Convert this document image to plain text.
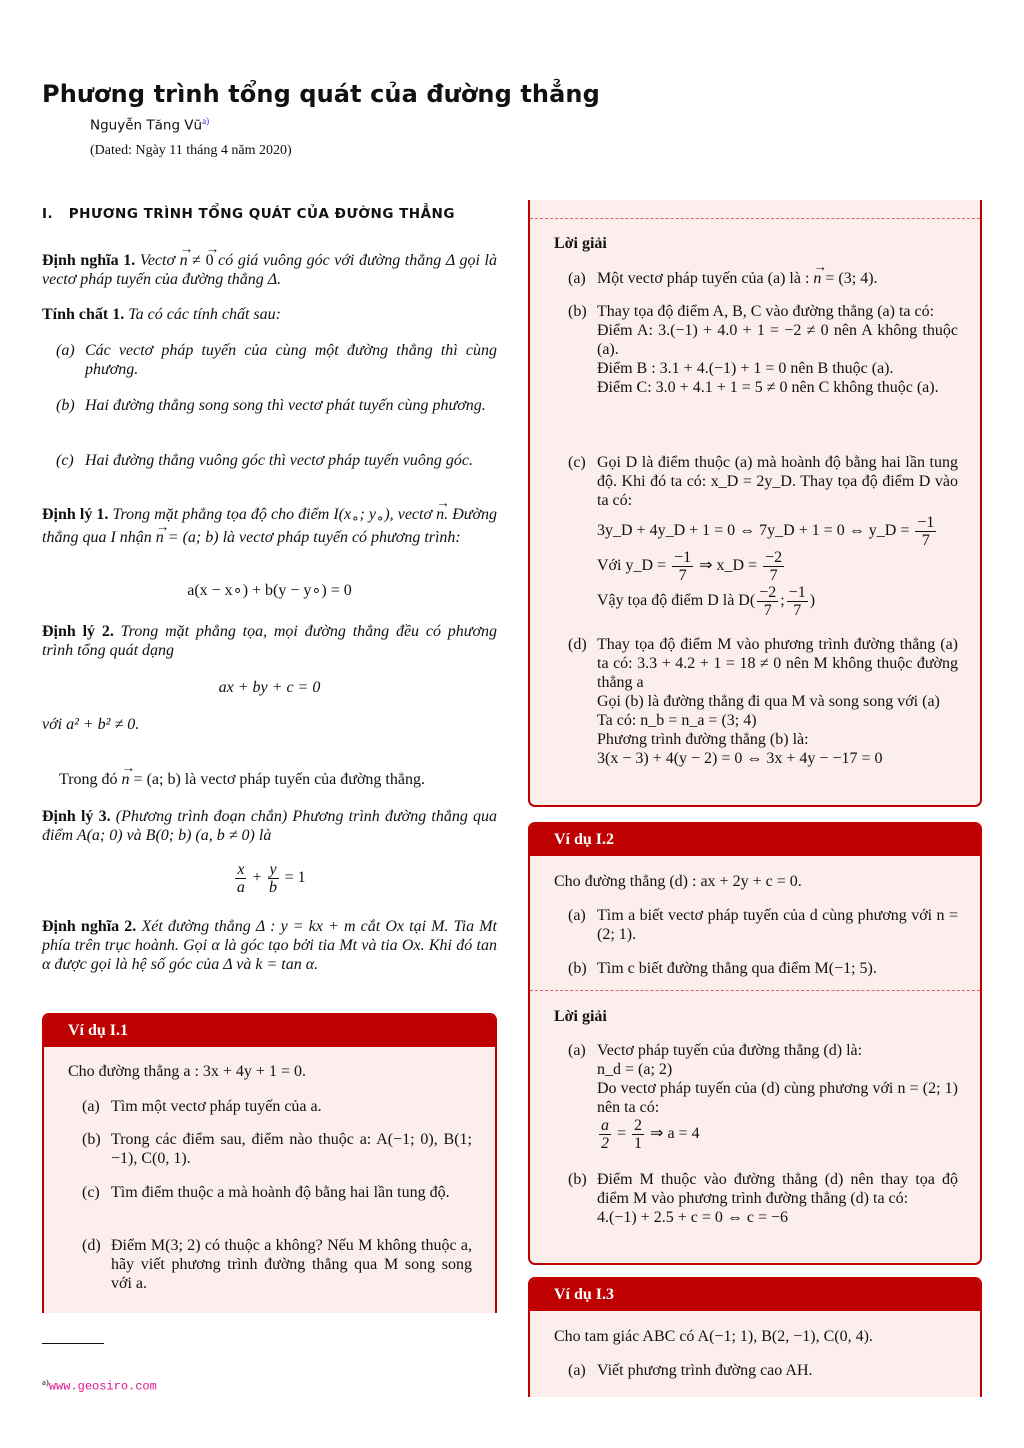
Phương trình tổng quát của đường thẳng
Nguyễn Tăng $Vũ^{a)}$
(Dated: Ngày 11 tháng 4 năm 2020)
I.   PHƯƠNG TRÌNH TỔNG QUÁT CỦA ĐƯỜNG THẲNG
Định nghĩa 1. Vectơ → n ≠ → 0 có giá vuông góc với đường thẳng Δ gọi là vectơ pháp tuyến của đường thẳng Δ.
Tính chất 1. Ta có các tính chất sau:
(a) Các vectơ pháp tuyến của cùng một đường thẳng thì cùng phương.
(b) Hai đường thẳng song song thì vectơ phát tuyến cùng phương.
(c) Hai đường thẳng vuông góc thì vectơ pháp tuyến vuông góc.
Định lý 1. Trong mặt phẳng tọa độ cho điểm $I(x_\circ$; $y_\circ$), vectơ → n. Đường thẳng qua I nhận → n = (a; b) là vectơ pháp tuyến có phương trình:
a(x − x∘) + b(y − y∘) = 0
Định lý 2. Trong mặt phẳng tọa, mọi đường thẳng đều có phương trình tổng quát dạng
ax + by + c = 0
với a² + b² ≠ 0.
Trong đó → n = (a; b) là vectơ pháp tuyến của đường thẳng.
Định lý 3. (Phương trình đoạn chắn) Phương trình đường thẳng qua điểm A(a; 0) và B(0; b) (a, b ≠ 0) là
$\frac{x}{a} + \frac{y}{b} = 1$
Định nghĩa 2. Xét đường thẳng Δ : y = kx + m cắt Ox tại M. Tia Mt phía trên trục hoành. Gọi α là góc tạo bởi tia Mt và tia Ox. Khi đó tan α được gọi là hệ số góc của Δ và k = tan α.
Ví dụ I.1
Cho đường thẳng a : 3x + 4y + 1 = 0.
(a) Tìm một vectơ pháp tuyến của a.
(b) Trong các điểm sau, điểm nào thuộc a: A(−1; 0), B(1; −1), C(0, 1).
(c) Tìm điểm thuộc a mà hoành độ bằng hai lần tung độ.
(d) Điểm M(3; 2) có thuộc a không? Nếu M không thuộc a, hãy viết phương trình đường thẳng qua M song song với a.
$^{a)}$www.geosiro.com
Lời giải
(a) Một vectơ pháp tuyến của (a) là : → n = (3; 4).
(b) Thay tọa độ điểm A, B, C vào đường thẳng (a) ta có:
Điểm A: 3.(−1) + 4.0 + 1 = −2 ≠ 0 nên A không thuộc (a).
Điểm B : 3.1 + 4.(−1) + 1 = 0 nên B thuộc (a).
Điểm C: 3.0 + 4.1 + 1 = 5 ≠ 0 nên C không thuộc (a).
(c) Gọi D là điểm thuộc (a) mà hoành độ bằng hai lần tung độ. Khi đó ta có: x_D = 2y_D. Thay tọa độ điểm D vào ta có:
3y_D + 4y_D + 1 = 0 ⇔ 7y_D + 1 = 0 ⇔ y_D = $\frac{-1}{7}$
Với y_D = $\frac{-1}{7}$ ⇒ x_D = $\frac{-2}{7}$
Vậy tọa độ điểm D là $D( \frac{-2}{7}$ ; $\frac{-1}{7}$ )
(d) Thay tọa độ điểm M vào phương trình đường thẳng (a) ta có: 3.3 + 4.2 + 1 = 18 ≠ 0 nên M không thuộc đường thẳng a
Gọi (b) là đường thẳng đi qua M và song song với (a)
Ta có: n_b = n_a = (3; 4)
Phương trình đường thẳng (b) là:
3(x − 3) + 4(y − 2) = 0 ⇔ 3x + 4y − −17 = 0
Ví dụ I.2
Cho đường thẳng (d) : ax + 2y + c = 0.
(a) Tìm a biết vectơ pháp tuyến của d cùng phương với n = (2; 1).
(b) Tìm c biết đường thẳng qua điểm M(−1; 5).
Lời giải
(a) Vectơ pháp tuyến của đường thẳng (d) là:
n_d = (a; 2)
Do vectơ pháp tuyến của (d) cùng phương với n = (2; 1) nên ta có:
$\frac{a}{2} = \frac{2}{1}$ ⇒ a = 4
(b) Điểm M thuộc vào đường thẳng (d) nên thay tọa độ điểm M vào phương trình đường thẳng (d) ta có:
4.(−1) + 2.5 + c = 0 ⇔ c = −6
Ví dụ I.3
Cho tam giác ABC có A(−1; 1), B(2, −1), C(0, 4).
(a) Viết phương trình đường cao AH.
